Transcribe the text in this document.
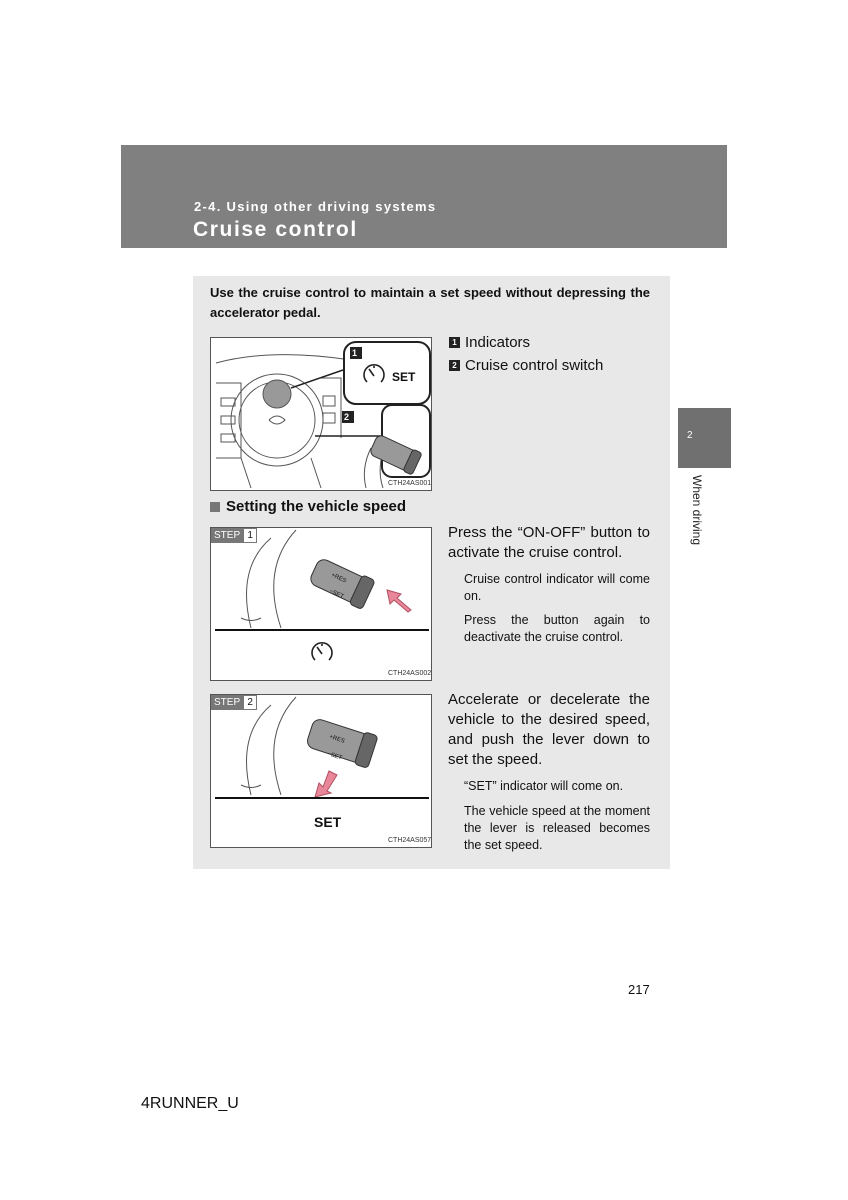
2-4. Using other driving systems
Cruise control
2
When driving
Use the cruise control to maintain a set speed without depressing the accelerator pedal.
1
SET
2
CTH24AS001
1 Indicators
2 Cruise control switch
Setting the vehicle speed
+RES
−SET
STEP 1
CTH24AS002
Press the “ON-OFF” button to activate the cruise control.
Cruise control indicator will come on.
Press the button again to deactivate the cruise control.
+RES
−SET
STEP 2
SET
CTH24AS057
Accelerate or decelerate the vehicle to the desired speed, and push the lever down to set the speed.
“SET” indicator will come on.
The vehicle speed at the moment the lever is released becomes the set speed.
217
4RUNNER_U
